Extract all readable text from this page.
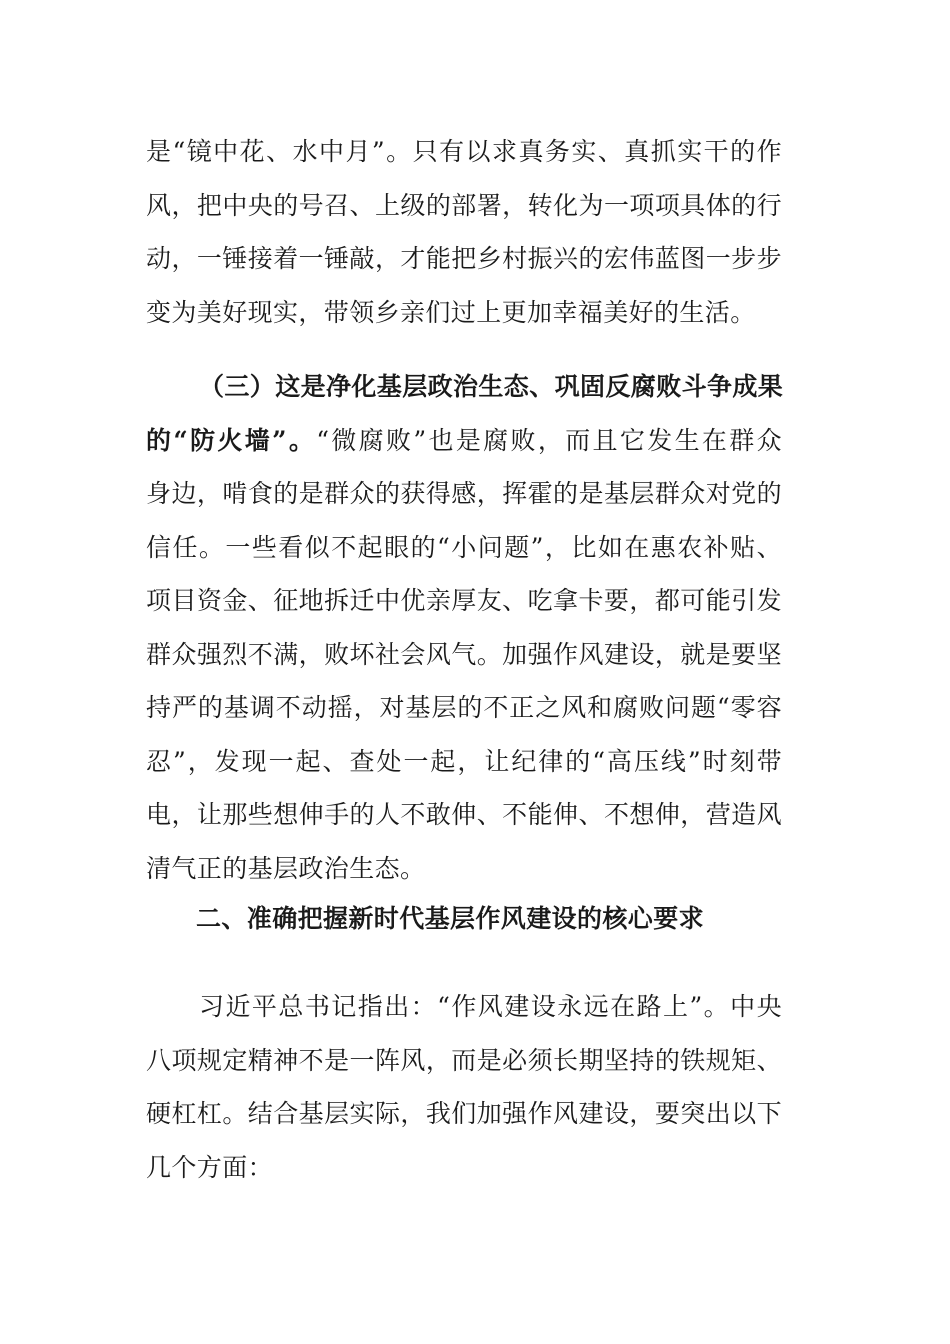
是“镜中花、水中月”。只有以求真务实、真抓实干的作
风，把中央的号召、上级的部署，转化为一项项具体的行
动，一锤接着一锤敲，才能把乡村振兴的宏伟蓝图一步步
变为美好现实，带领乡亲们过上更加幸福美好的生活。
（三）这是净化基层政治生态、巩固反腐败斗争成果
的“防火墙”。“微腐败”也是腐败，而且它发生在群众
身边，啃食的是群众的获得感，挥霍的是基层群众对党的
信任。一些看似不起眼的“小问题”，比如在惠农补贴、
项目资金、征地拆迁中优亲厚友、吃拿卡要，都可能引发
群众强烈不满，败坏社会风气。加强作风建设，就是要坚
持严的基调不动摇，对基层的不正之风和腐败问题“零容
忍”，发现一起、查处一起，让纪律的“高压线”时刻带
电，让那些想伸手的人不敢伸、不能伸、不想伸，营造风
清气正的基层政治生态。
二、准确把握新时代基层作风建设的核心要求
习近平总书记指出：“作风建设永远在路上”。中央
八项规定精神不是一阵风，而是必须长期坚持的铁规矩、
硬杠杠。结合基层实际，我们加强作风建设，要突出以下
几个方面：
